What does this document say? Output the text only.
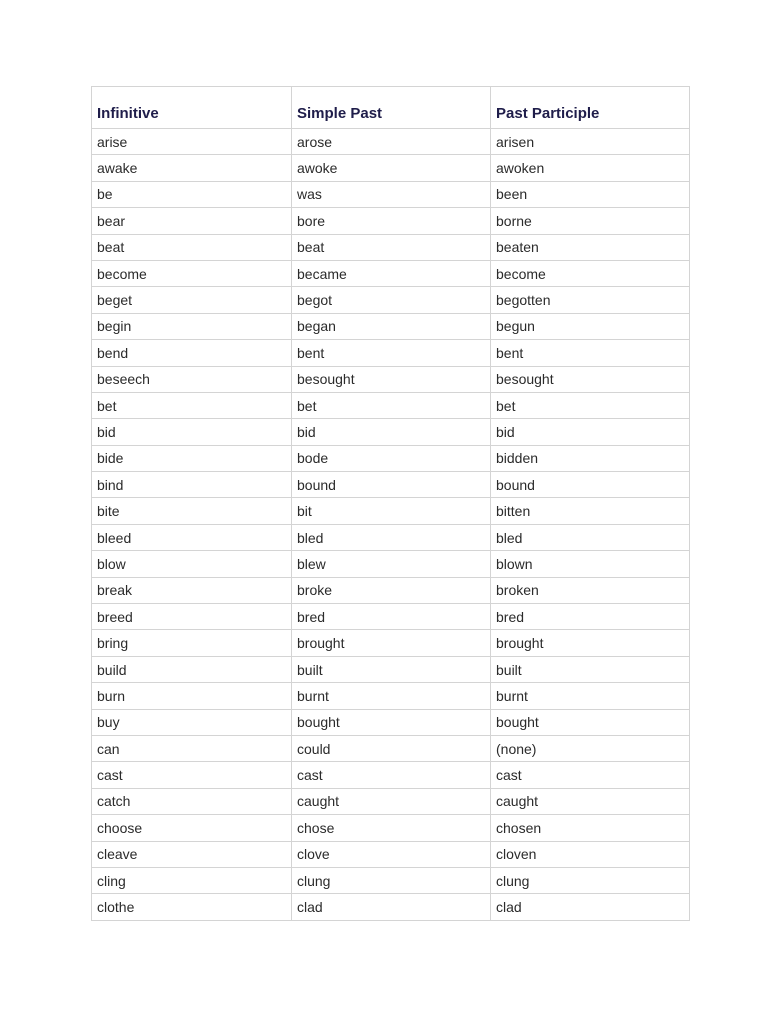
Infinitive	Simple Past	Past Participle
arise	arose	arisen
awake	awoke	awoken
be	was	been
bear	bore	borne
beat	beat	beaten
become	became	become
beget	begot	begotten
begin	began	begun
bend	bent	bent
beseech	besought	besought
bet	bet	bet
bid	bid	bid
bide	bode	bidden
bind	bound	bound
bite	bit	bitten
bleed	bled	bled
blow	blew	blown
break	broke	broken
breed	bred	bred
bring	brought	brought
build	built	built
burn	burnt	burnt
buy	bought	bought
can	could	(none)
cast	cast	cast
catch	caught	caught
choose	chose	chosen
cleave	clove	cloven
cling	clung	clung
clothe	clad	clad
